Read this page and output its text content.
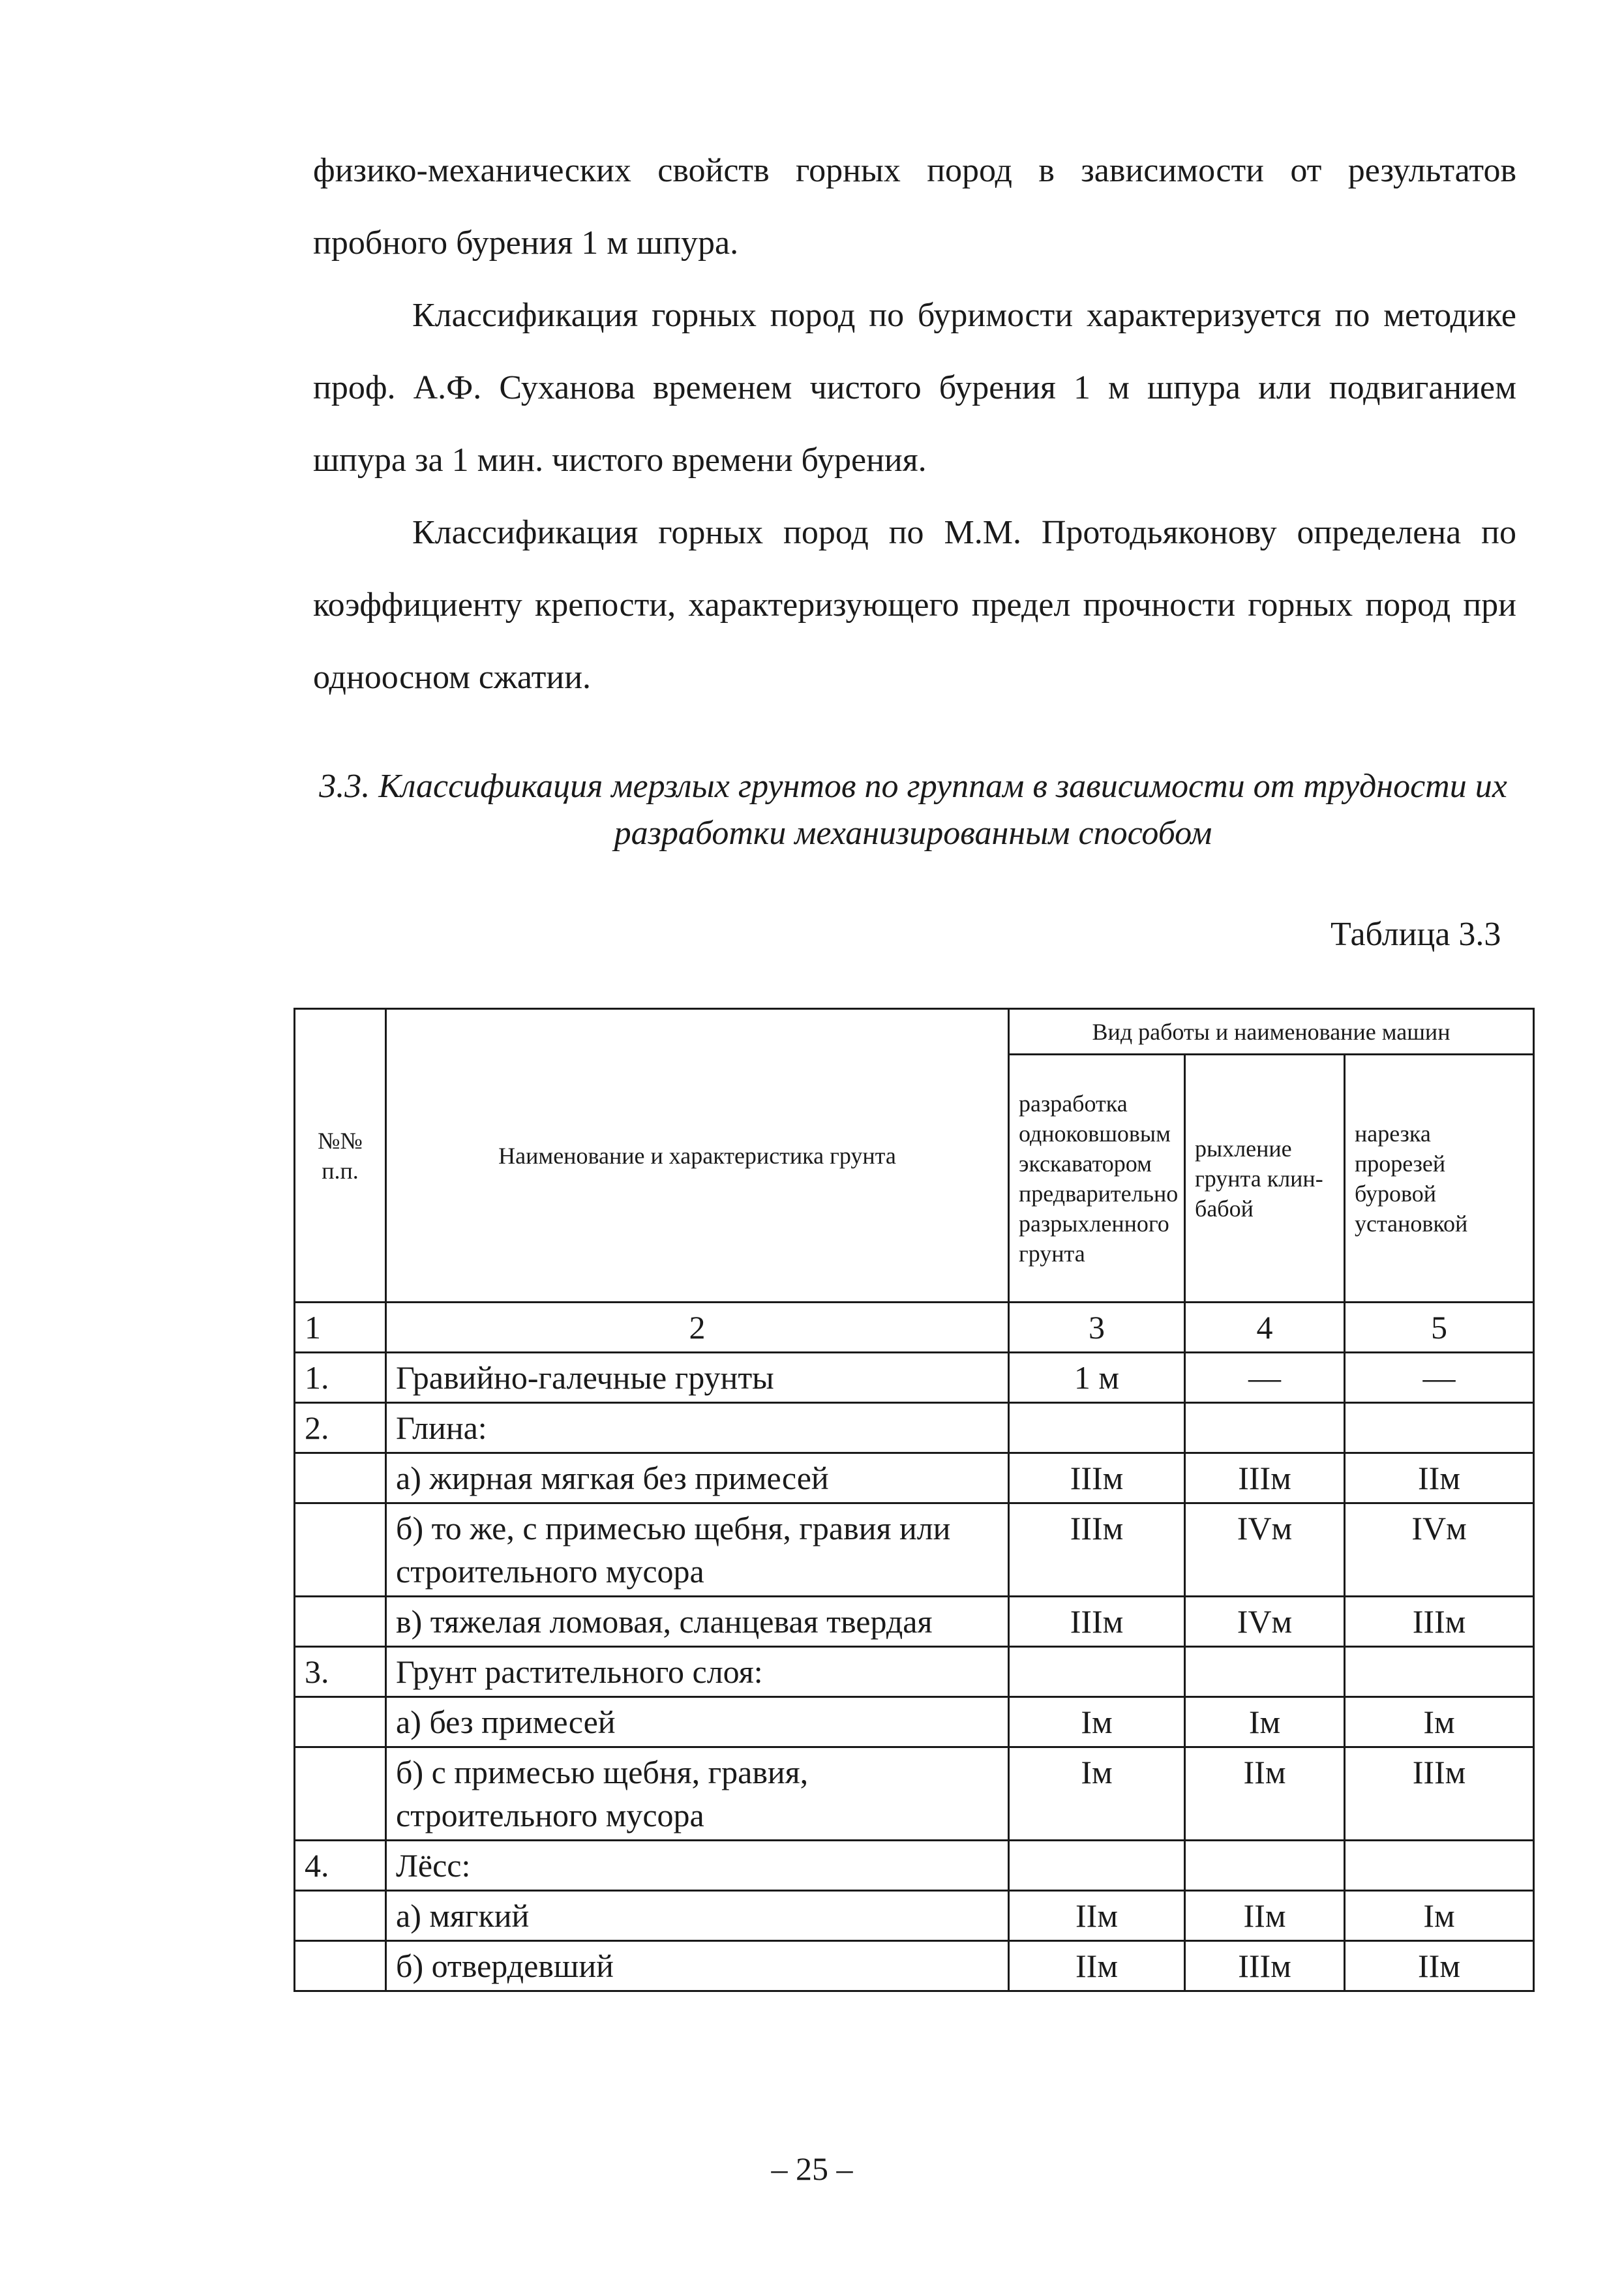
физико-механических свойств горных пород в зависимости от результатов пробного бурения 1 м шпура.

Классификация горных пород по буримости характеризуется по методике проф. А.Ф. Суханова временем чистого бурения 1 м шпура или подвиганием шпура за 1 мин. чистого времени бурения.

Классификация горных пород по М.М. Протодьяконову определена по коэффициенту крепости, характеризующего предел прочности горных пород при одноосном сжатии.

3.3. Классификация мерзлых грунтов по группам в зависимости от трудности их разработки механизированным способом

Таблица 3.3
№№ п.п.	Наименование и характеристика грунта	Вид работы и наименование машин		
		разработка одноковшовым экскаватором предварительно разрыхленного грунта	рыхление грунта клин-бабой	нарезка прорезей буровой установкой
1	2	3	4	5
1.	Гравийно-галечные грунты	1 м	—	—
2.	Глина:			
	а) жирная мягкая без примесей	IIIм	IIIм	IIм
	б) то же, с примесью щебня, гравия или строительного мусора	IIIм	IVм	IVм
	в) тяжелая ломовая, сланцевая твердая	IIIм	IVм	IIIм
3.	Грунт растительного слоя:			
	а) без примесей	Iм	Iм	Iм
	б) с примесью щебня, гравия, строительного мусора	Iм	IIм	IIIм
4.	Лёсс:			
	а) мягкий	IIм	IIм	Iм
	б) отвердевший	IIм	IIIм	IIм
– 25 –
